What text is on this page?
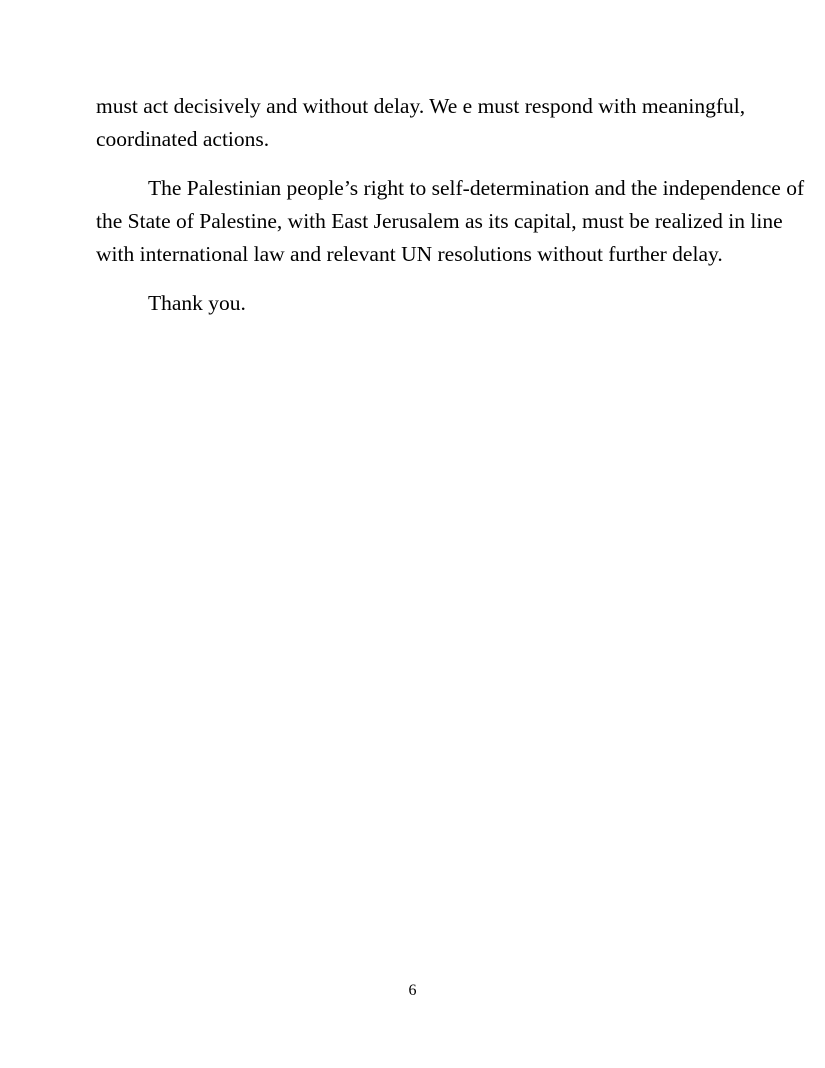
must act decisively and without delay. We e must respond with meaningful,
coordinated actions.

The Palestinian people’s right to self-determination and the independence of
the State of Palestine, with East Jerusalem as its capital, must be realized in line
with international law and relevant UN resolutions without further delay.

Thank you.

6
